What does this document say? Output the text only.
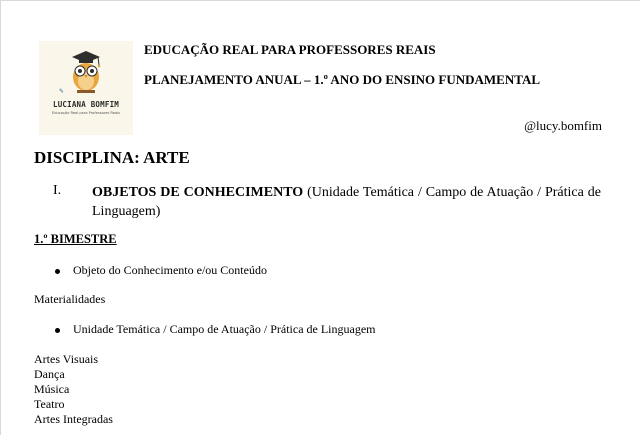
✎
LUCIANA BOMFIM
Educação Real para Professores Reais
EDUCAÇÃO REAL PARA PROFESSORES REAIS
PLANEJAMENTO ANUAL – 1.º ANO DO ENSINO FUNDAMENTAL
@lucy.bomfim
DISCIPLINA: ARTE
I. OBJETOS DE CONHECIMENTO (Unidade Temática / Campo de Atuação / Prática de Linguagem)
1.º BIMESTRE
Objeto do Conhecimento e/ou Conteúdo
Materialidades
Unidade Temática / Campo de Atuação / Prática de Linguagem
Artes Visuais
Dança
Música
Teatro
Artes Integradas
